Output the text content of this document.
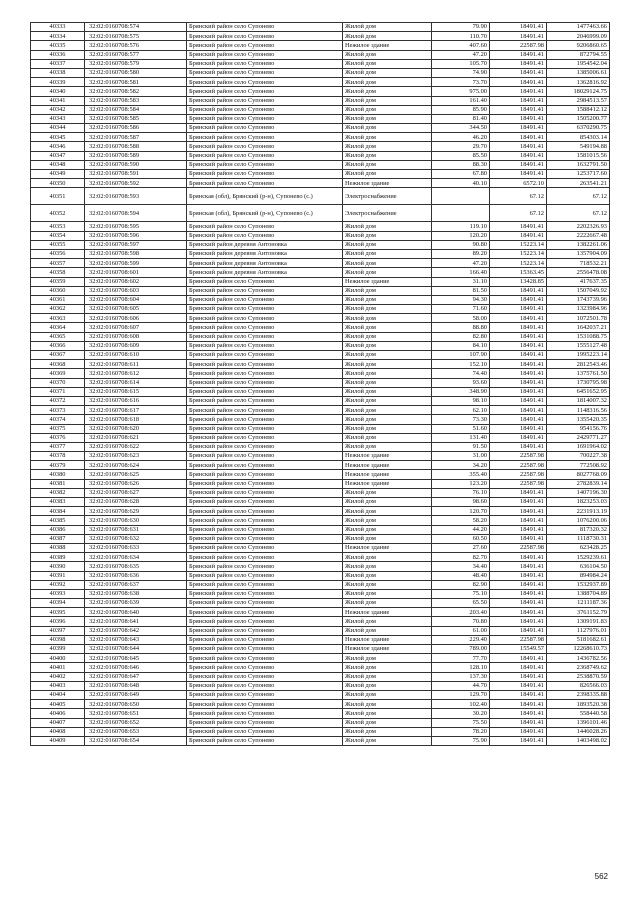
40333	32:02:0160708:574	Брянский район село Супонево	Жилой дом	79.90	18491.41	1477463.66
40334	32:02:0160708:575	Брянский район село Супонево	Жилой дом	110.70	18491.41	2046999.09
40335	32:02:0160708:576	Брянский район село Супонево	Нежилое здание	407.60	22587.98	9206860.65
40336	32:02:0160708:577	Брянский район село Супонево	Жилой дом	47.20	18491.41	872794.55
40337	32:02:0160708:579	Брянский район село Супонево	Жилой дом	105.70	18491.41	1954542.04
40338	32:02:0160708:580	Брянский район село Супонево	Жилой дом	74.90	18491.41	1385006.61
40339	32:02:0160708:581	Брянский район село Супонево	Жилой дом	73.70	18491.41	1362816.92
40340	32:02:0160708:582	Брянский район село Супонево	Жилой дом	975.00	18491.41	18029124.75
40341	32:02:0160708:583	Брянский район село Супонево	Жилой дом	161.40	18491.41	2984513.57
40342	32:02:0160708:584	Брянский район село Супонево	Жилой дом	85.90	18491.41	1588412.12
40343	32:02:0160708:585	Брянский район село Супонево	Жилой дом	81.40	18491.41	1505200.77
40344	32:02:0160708:586	Брянский район село Супонево	Жилой дом	344.50	18491.41	6370290.75
40345	32:02:0160708:587	Брянский район село Супонево	Жилой дом	46.20	18491.41	854303.14
40346	32:02:0160708:588	Брянский район село Супонево	Жилой дом	29.70	18491.41	549194.88
40347	32:02:0160708:589	Брянский район село Супонево	Жилой дом	85.50	18491.41	1581015.56
40348	32:02:0160708:590	Брянский район село Супонево	Жилой дом	88.30	18491.41	1632791.50
40349	32:02:0160708:591	Брянский район село Супонево	Жилой дом	67.80	18491.41	1253717.60
40350	32:02:0160708:592	Брянский район село Супонево	Нежилое здание	40.10	6572.10	263541.21
40351	32:02:0160708:593	Брянская (обл), Брянский (р-н), Супонево (с.)	Электроснабжение		67.12	67.12
40352	32:02:0160708:594	Брянская (обл), Брянский (р-н), Супонево (с.)	Электроснабжение		67.12	67.12
40353	32:02:0160708:595	Брянский район село Супонево	Жилой дом	119.10	18491.41	2202326.93
40354	32:02:0160708:596	Брянский район село Супонево	Жилой дом	120.20	18491.41	2222667.48
40355	32:02:0160708:597	Брянский район деревня Антоновка	Жилой дом	90.80	15223.14	1382261.06
40356	32:02:0160708:598	Брянский район деревня Антоновка	Жилой дом	89.20	15223.14	1357904.09
40357	32:02:0160708:599	Брянский район деревня Антоновка	Жилой дом	47.20	15223.14	718532.21
40358	32:02:0160708:601	Брянский район деревня Антоновка	Жилой дом	166.40	15363.45	2556478.08
40359	32:02:0160708:602	Брянский район село Супонево	Нежилое здание	31.10	13428.85	417637.35
40360	32:02:0160708:603	Брянский район село Супонево	Жилой дом	81.50	18491.41	1507049.92
40361	32:02:0160708:604	Брянский район село Супонево	Жилой дом	94.30	18491.41	1743739.96
40362	32:02:0160708:605	Брянский район село Супонево	Жилой дом	71.60	18491.41	1323984.96
40363	32:02:0160708:606	Брянский район село Супонево	Жилой дом	58.00	18491.41	1072501.78
40364	32:02:0160708:607	Брянский район село Супонево	Жилой дом	88.80	18491.41	1642037.21
40365	32:02:0160708:608	Брянский район село Супонево	Жилой дом	82.80	18491.41	1531088.75
40366	32:02:0160708:609	Брянский район село Супонево	Жилой дом	84.10	18491.41	1555127.48
40367	32:02:0160708:610	Брянский район село Супонево	Жилой дом	107.90	18491.41	1995223.14
40368	32:02:0160708:611	Брянский район село Супонево	Жилой дом	152.10	18491.41	2812543.46
40369	32:02:0160708:612	Брянский район село Супонево	Жилой дом	74.40	18491.41	1375761.50
40370	32:02:0160708:614	Брянский район село Супонево	Жилой дом	93.60	18491.41	1730795.98
40371	32:02:0160708:615	Брянский район село Супонево	Жилой дом	348.90	18491.41	6451652.95
40372	32:02:0160708:616	Брянский район село Супонево	Жилой дом	98.10	18491.41	1814007.32
40373	32:02:0160708:617	Брянский район село Супонево	Жилой дом	62.10	18491.41	1148316.56
40374	32:02:0160708:618	Брянский район село Супонево	Жилой дом	73.30	18491.41	1355420.35
40375	32:02:0160708:620	Брянский район село Супонево	Жилой дом	51.60	18491.41	954156.76
40376	32:02:0160708:621	Брянский район село Супонево	Жилой дом	131.40	18491.41	2429771.27
40377	32:02:0160708:622	Брянский район село Супонево	Жилой дом	91.50	18491.41	1691964.02
40378	32:02:0160708:623	Брянский район село Супонево	Нежилое здание	31.00	22587.98	700227.38
40379	32:02:0160708:624	Брянский район село Супонево	Нежилое здание	34.20	22587.98	772508.92
40380	32:02:0160708:625	Брянский район село Супонево	Нежилое здание	355.40	22587.98	8027768.09
40381	32:02:0160708:626	Брянский район село Супонево	Нежилое здание	123.20	22587.98	2782839.14
40382	32:02:0160708:627	Брянский район село Супонево	Жилой дом	76.10	18491.41	1407196.30
40383	32:02:0160708:628	Брянский район село Супонево	Жилой дом	98.60	18491.41	1823253.03
40384	32:02:0160708:629	Брянский район село Супонево	Жилой дом	120.70	18491.41	2231913.19
40385	32:02:0160708:630	Брянский район село Супонево	Жилой дом	58.20	18491.41	1076200.06
40386	32:02:0160708:631	Брянский район село Супонево	Жилой дом	44.20	18491.41	817320.32
40387	32:02:0160708:632	Брянский район село Супонево	Жилой дом	60.50	18491.41	1118730.31
40388	32:02:0160708:633	Брянский район село Супонево	Нежилое здание	27.60	22587.98	623428.25
40389	32:02:0160708:634	Брянский район село Супонево	Жилой дом	82.70	18491.41	1529239.61
40390	32:02:0160708:635	Брянский район село Супонево	Жилой дом	34.40	18491.41	636104.50
40391	32:02:0160708:636	Брянский район село Супонево	Жилой дом	48.40	18491.41	894984.24
40392	32:02:0160708:637	Брянский район село Супонево	Жилой дом	82.90	18491.41	1532937.89
40393	32:02:0160708:638	Брянский район село Супонево	Жилой дом	75.10	18491.41	1388704.89
40394	32:02:0160708:639	Брянский район село Супонево	Жилой дом	65.50	18491.41	1211187.36
40395	32:02:0160708:640	Брянский район село Супонево	Нежилое здание	203.40	18491.41	3761152.79
40396	32:02:0160708:641	Брянский район село Супонево	Жилой дом	70.80	18491.41	1309191.83
40397	32:02:0160708:642	Брянский район село Супонево	Жилой дом	61.00	18491.41	1127976.01
40398	32:02:0160708:643	Брянский район село Супонево	Нежилое здание	229.40	22587.98	5181682.61
40399	32:02:0160708:644	Брянский район село Супонево	Нежилое здание	789.00	15549.57	12268610.73
40400	32:02:0160708:645	Брянский район село Супонево	Жилой дом	77.70	18491.41	1436782.56
40401	32:02:0160708:646	Брянский район село Супонево	Жилой дом	128.10	18491.41	2368749.62
40402	32:02:0160708:647	Брянский район село Супонево	Жилой дом	137.30	18491.41	2538870.59
40403	32:02:0160708:648	Брянский район село Супонево	Жилой дом	44.70	18491.41	826566.03
40404	32:02:0160708:649	Брянский район село Супонево	Жилой дом	129.70	18491.41	2398335.88
40405	32:02:0160708:650	Брянский район село Супонево	Жилой дом	102.40	18491.41	1893520.38
40406	32:02:0160708:651	Брянский район село Супонево	Жилой дом	30.20	18491.41	558440.58
40407	32:02:0160708:652	Брянский район село Супонево	Жилой дом	75.50	18491.41	1396101.46
40408	32:02:0160708:653	Брянский район село Супонево	Жилой дом	78.20	18491.41	1446028.26
40409	32:02:0160708:654	Брянский район село Супонево	Жилой дом	75.90	18491.41	1403498.02
562
